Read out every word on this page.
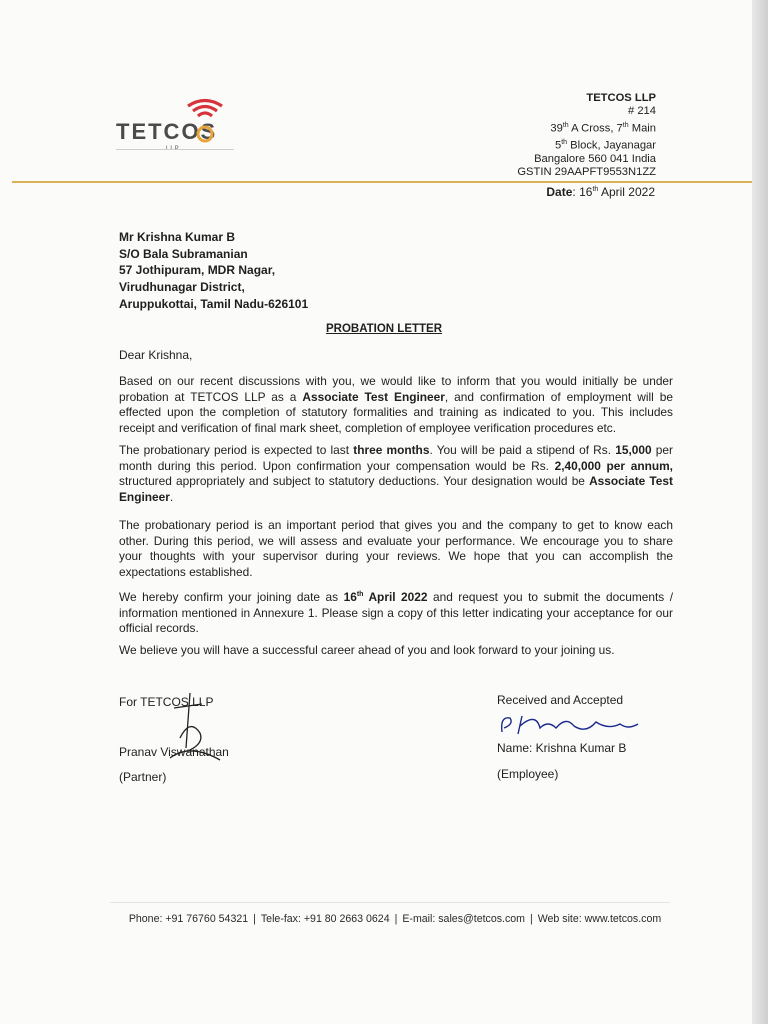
TETCOS
TETCOS LLP
# 214
39th A Cross, 7th Main
5th Block, Jayanagar
Bangalore 560 041 India
GSTIN 29AAPFT9553N1ZZ
Date: 16th April 2022
Mr Krishna Kumar B
S/O Bala Subramanian
57 Jothipuram, MDR Nagar,
Virudhunagar District,
Aruppukottai, Tamil Nadu-626101
PROBATION LETTER
Dear Krishna,
Based on our recent discussions with you, we would like to inform that you would initially be under probation at TETCOS LLP as a Associate Test Engineer, and confirmation of employment will be effected upon the completion of statutory formalities and training as indicated to you. This includes receipt and verification of final mark sheet, completion of employee verification procedures etc.
The probationary period is expected to last three months. You will be paid a stipend of Rs. 15,000 per month during this period. Upon confirmation your compensation would be Rs. 2,40,000 per annum, structured appropriately and subject to statutory deductions. Your designation would be Associate Test Engineer.
The probationary period is an important period that gives you and the company to get to know each other. During this period, we will assess and evaluate your performance. We encourage you to share your thoughts with your supervisor during your reviews. We hope that you can accomplish the expectations established.
We hereby confirm your joining date as 16th April 2022 and request you to submit the documents / information mentioned in Annexure 1. Please sign a copy of this letter indicating your acceptance for our official records.
We believe you will have a successful career ahead of you and look forward to your joining us.
For TETCOS LLP
Pranav Viswanathan
(Partner)
Received and Accepted
Name: Krishna Kumar B
(Employee)
Phone: +91 76760 54321 | Tele-fax: +91 80 2663 0624 | E-mail: sales@tetcos.com | Web site: www.tetcos.com
